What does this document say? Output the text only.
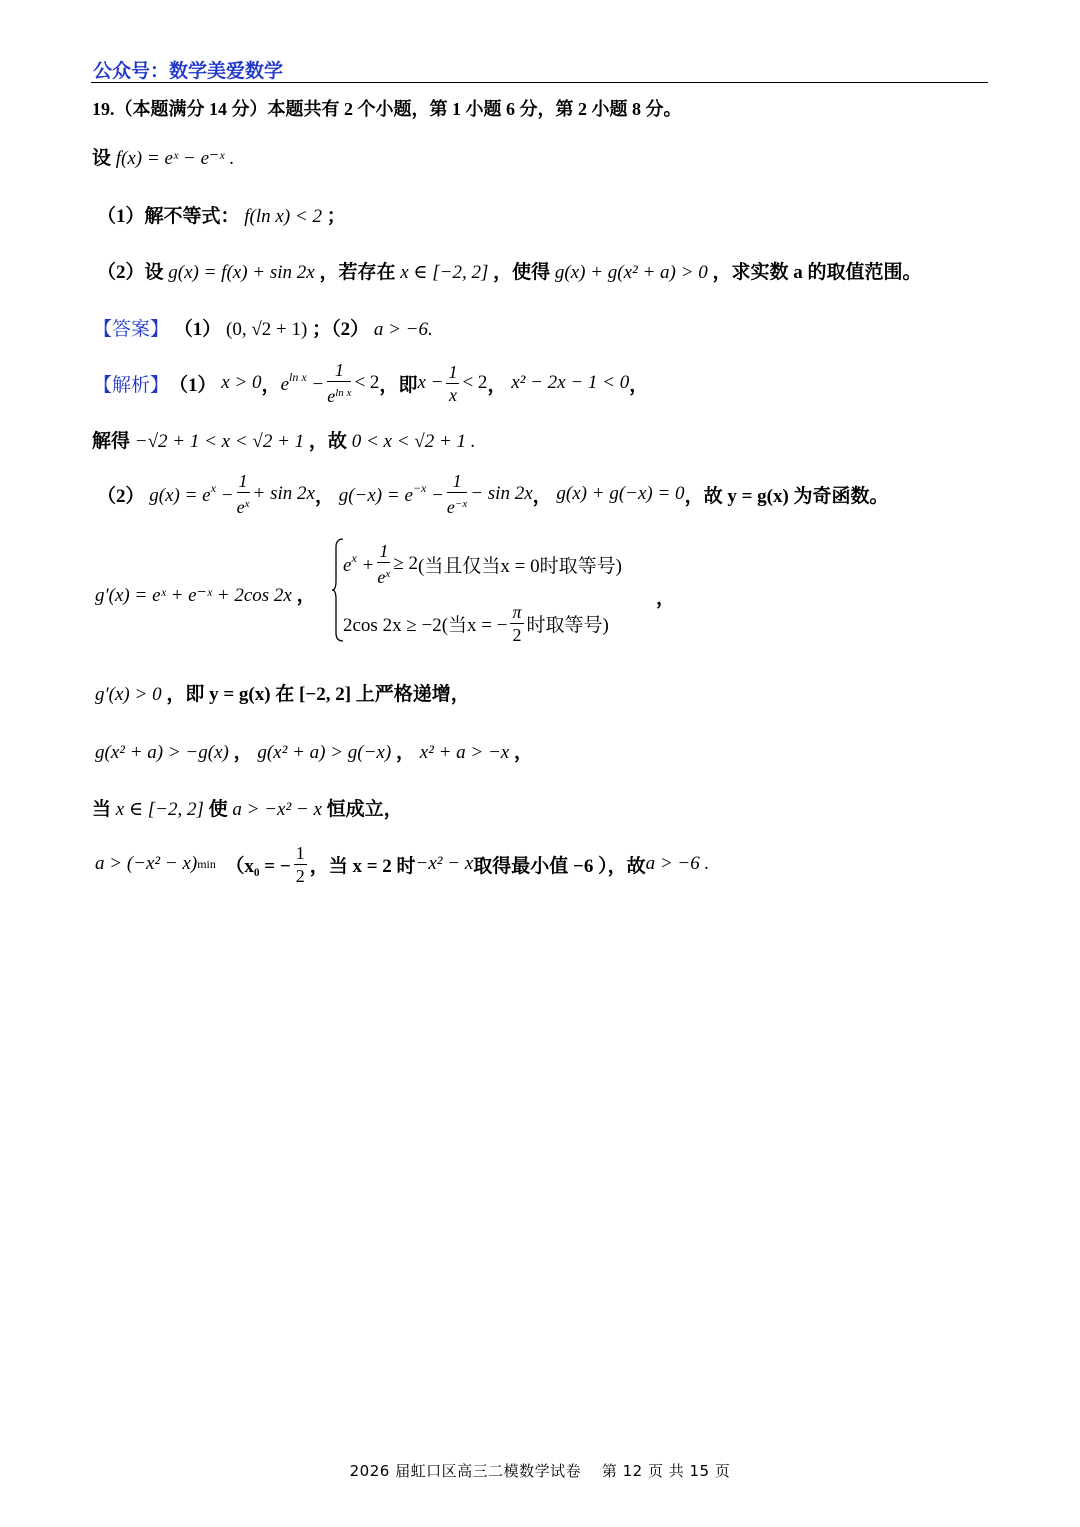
公众号：数学美爱数学
19.（本题满分 14 分）本题共有 2 个小题，第 1 小题 6 分，第 2 小题 8 分。
设 f(x) = eˣ − e⁻ˣ .
（1）解不等式： f(ln x) < 2 ；
（2）设 g(x) = f(x) + sin 2x ，若存在 x ∈ [−2, 2] ，使得 g(x) + g(x² + a) > 0 ，求实数 a 的取值范围。
【答案】 （1） (0, √2 + 1) ；（2） a > −6.
【解析】 （1）
x > 0 ， $e^{ln x} - \frac{1}{e^{ln x}} < 2$ ， 即 $x - \frac{1}{x} < 2$ ，
x² − 2x − 1 < 0 ，
解得 −√2 + 1 < x < √2 + 1 ，故 0 < x < √2 + 1 .
（2）
$g(x) = e^x - \frac{1}{e^x} + \sin 2x$ ，
$g(-x) = e^{-x} - \frac{1}{e^{-x}} - \sin 2x$ ，
g(x) + g(−x) = 0 ，故 y = g(x) 为奇函数。
g′(x) = eˣ + e⁻ˣ + 2cos 2x ，
$e^x + \frac{1}{e^x} \ge 2$ (当且仅当x = 0时取等号)
2cos 2x ≥ −2(当x = − $\frac{\pi}{2}$ 时取等号)
，
g′(x) > 0 ，即 y = g(x) 在 [−2, 2] 上严格递增，
g(x² + a) > −g(x) ， g(x² + a) > g(−x) ， x² + a > −x ，
当 x ∈ [−2, 2] 使 a > −x² − x 恒成立，
a > (−x² − x) min
（x₀ = − $\frac{1}{2}$ ，当 x = 2 时 −x² − x 取得最小值 −6 ），故 a > −6 .
2026 届虹口区高三二模数学试卷　 第 12 页 共 15 页
